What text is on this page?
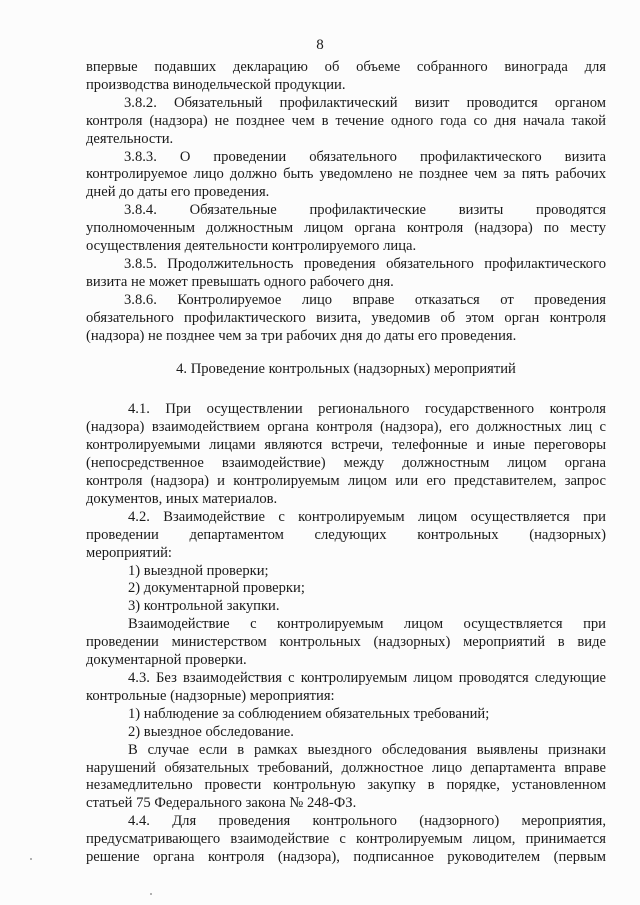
8
впервые подавших декларацию об объеме собранного винограда для
производства винодельческой продукции.
3.8.2. Обязательный профилактический визит проводится органом
контроля (надзора) не позднее чем в течение одного года со дня начала такой
деятельности.
3.8.3. О проведении обязательного профилактического визита
контролируемое лицо должно быть уведомлено не позднее чем за пять рабочих
дней до даты его проведения.
3.8.4. Обязательные профилактические визиты проводятся
уполномоченным должностным лицом органа контроля (надзора) по месту
осуществления деятельности контролируемого лица.
3.8.5. Продолжительность проведения обязательного профилактического
визита не может превышать одного рабочего дня.
3.8.6. Контролируемое лицо вправе отказаться от проведения
обязательного профилактического визита, уведомив об этом орган контроля
(надзора) не позднее чем за три рабочих дня до даты его проведения.
4. Проведение контрольных (надзорных) мероприятий
4.1. При осуществлении регионального государственного контроля
(надзора) взаимодействием органа контроля (надзора), его должностных лиц с
контролируемыми лицами являются встречи, телефонные и иные переговоры
(непосредственное взаимодействие) между должностным лицом органа
контроля (надзора) и контролируемым лицом или его представителем, запрос
документов, иных материалов.
4.2. Взаимодействие с контролируемым лицом осуществляется при
проведении департаментом следующих контрольных (надзорных)
мероприятий:
1) выездной проверки;
2) документарной проверки;
3) контрольной закупки.
Взаимодействие с контролируемым лицом осуществляется при
проведении министерством контрольных (надзорных) мероприятий в виде
документарной проверки.
4.3. Без взаимодействия с контролируемым лицом проводятся следующие
контрольные (надзорные) мероприятия:
1) наблюдение за соблюдением обязательных требований;
2) выездное обследование.
В случае если в рамках выездного обследования выявлены признаки
нарушений обязательных требований, должностное лицо департамента вправе
незамедлительно провести контрольную закупку в порядке, установленном
статьей 75 Федерального закона № 248-ФЗ.
4.4. Для проведения контрольного (надзорного) мероприятия,
предусматривающего взаимодействие с контролируемым лицом, принимается
решение органа контроля (надзора), подписанное руководителем (первым
